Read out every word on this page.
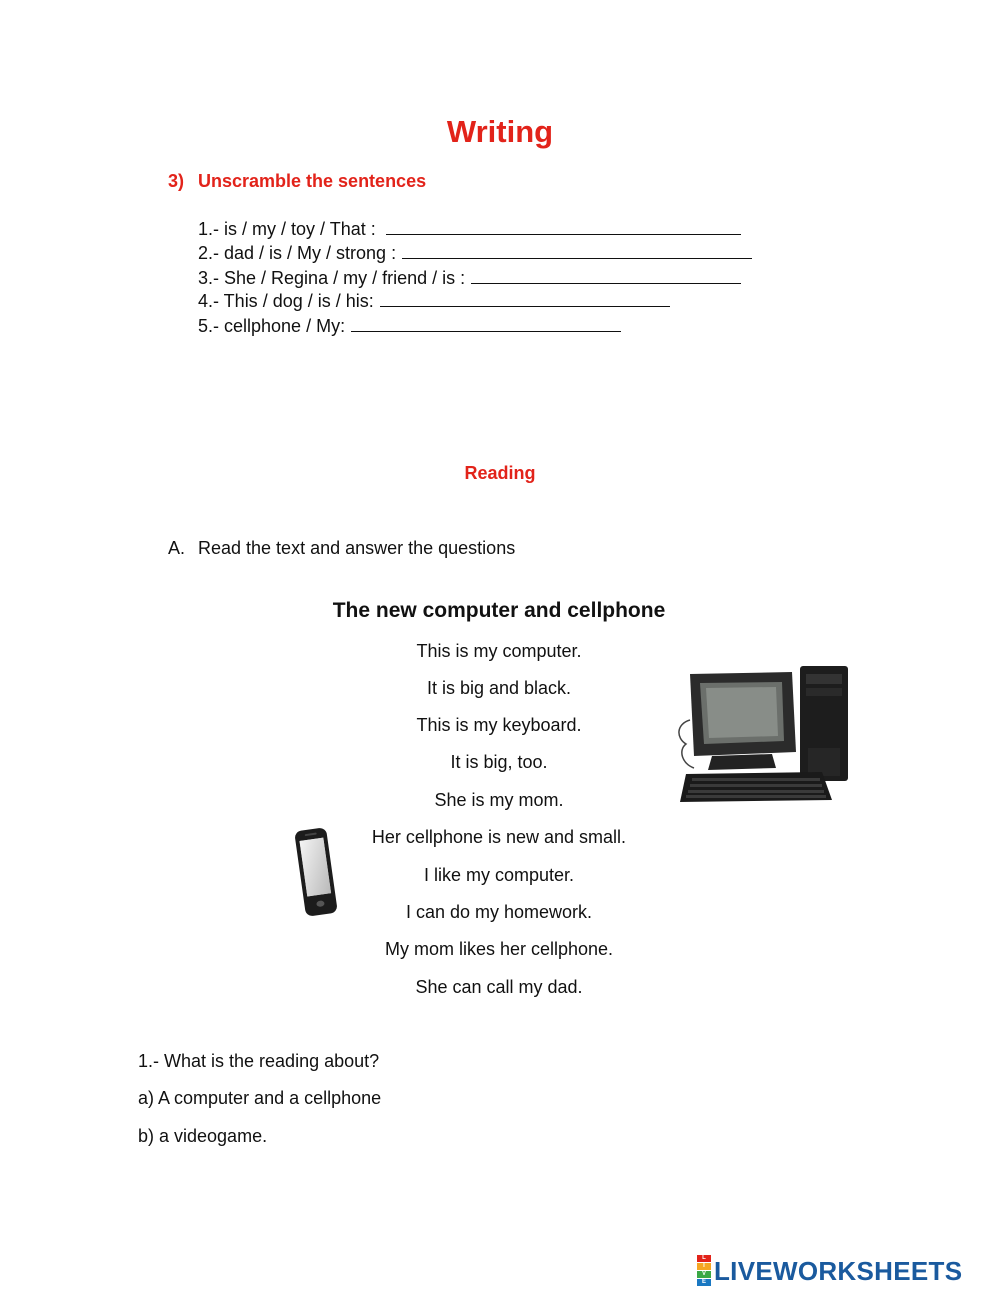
Writing
3) Unscramble the sentences
1.- is / my / toy / That :
2.- dad / is / My / strong :
3.- She / Regina / my / friend / is :
4.- This / dog / is / his:
5.- cellphone / My:
Reading
A. Read the text and answer the questions
The new computer and cellphone
This is my computer.
It is big and black.
This is my keyboard.
It is big, too.
She is my mom.
Her cellphone is new and small.
I like my computer.
I can do my homework.
My mom likes her cellphone.
She can call my dad.
1.- What is the reading about?
a) A computer and a cellphone
b) a videogame.
L
I
V
E LIVEWORKSHEETS
